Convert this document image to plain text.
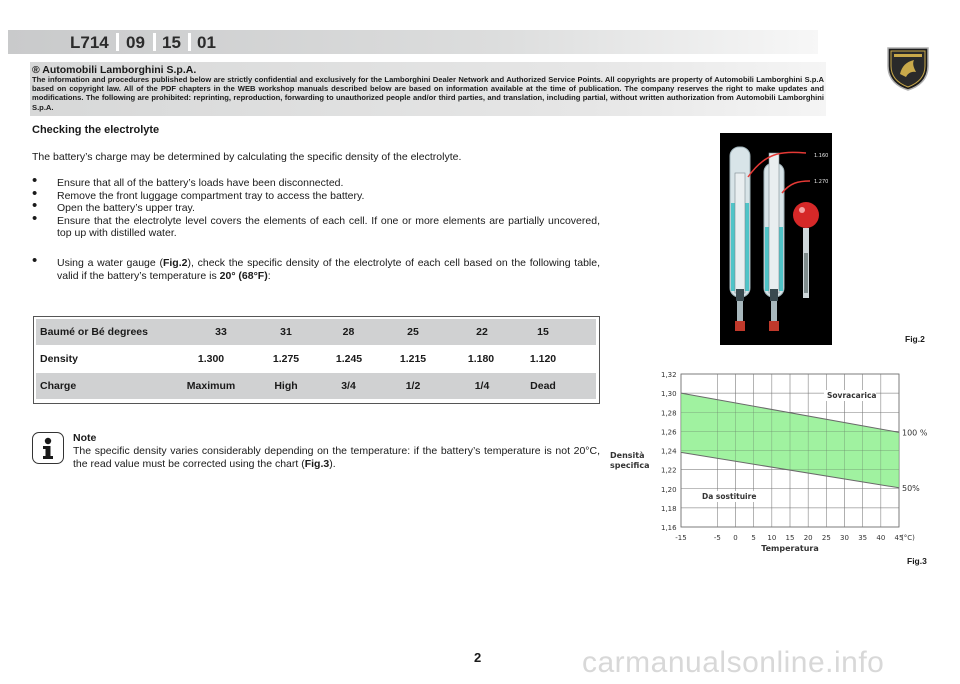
L714 09 15 01
® Automobili Lamborghini S.p.A.
The information and procedures published below are strictly confidential and exclusively for the Lamborghini Dealer Network and Authorized Service Points. All copyrights are property of Automobili Lamborghini S.p.A based on copyright law. All of the PDF chapters in the WEB workshop manuals described below are based on information available at the time of publication. The company reserves the right to make updates and modifications. The following are prohibited: reprinting, reproduction, forwarding to unauthorized people and/or third parties, and translation, including partial, without written authorization from Automobili Lamborghini S.p.A.
Checking the electrolyte
The battery’s charge may be determined by calculating the specific density of the electrolyte.

• Ensure that all of the battery’s loads have been disconnected.

• Remove the front luggage compartment tray to access the battery.

• Open the battery’s upper tray.

• Ensure that the electrolyte level covers the elements of each cell. If one or more elements are partially uncovered, top up with distilled water.

• Using a water gauge (Fig.2), check the specific density of the electrolyte of each cell based on the following table, valid if the battery’s temperature is 20° (68°F):

Baumé or Bé degrees	33	31	28	25	22	15
Density	1.300	1.275	1.245	1.215	1.180	1.120
Charge	Maximum	High	3/4	1/2	1/4	Dead
Note
The specific density varies considerably depending on the temperature: if the battery’s temperature is not 20°C, the read value must be corrected using the chart (Fig.3).
1.160
1.270
Fig.2
100 %
50%
1,32
1,30
1,28
1,26
1,24
1,22
1,20
1,18
1,16
-15	-5 0 5 10 15 20 25 30 35 40 45
(°C)
Temperatura
Densità
specifica
Sovracarica
Da sostituire
Fig.3
2	carmanualsonline.info
